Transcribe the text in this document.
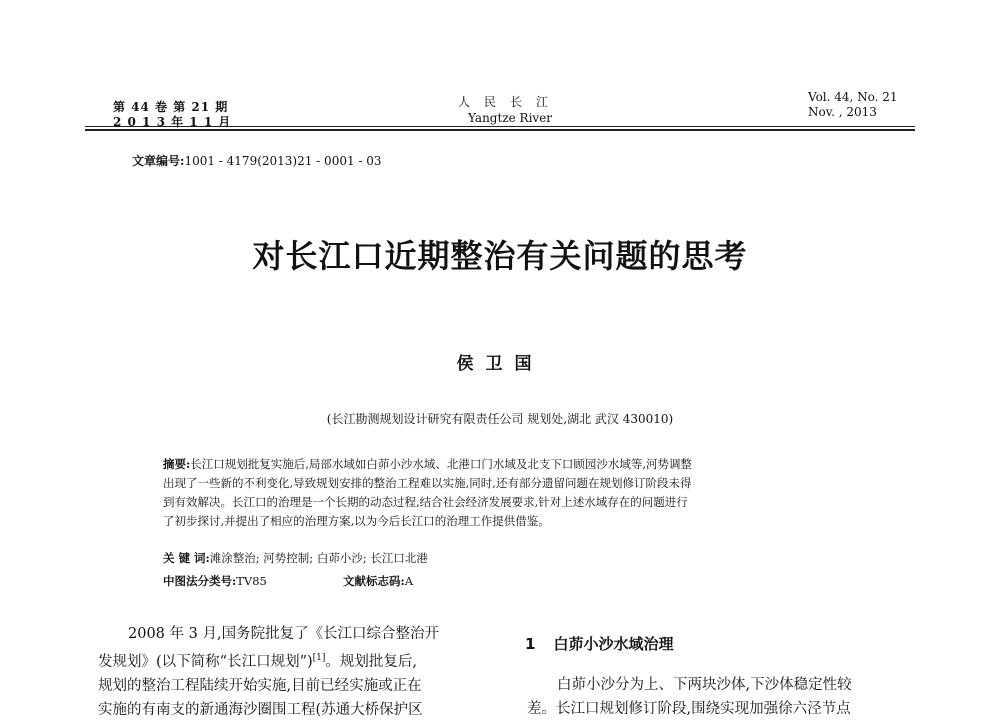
第 44 卷 第 21 期
2 0 1 3 年 1 1 月
人民长江
Yangtze River
Vol. 44, No. 21
Nov. , 2013
文章编号:1001 - 4179(2013)21 - 0001 - 03
对长江口近期整治有关问题的思考
侯卫国
(长江勘测规划设计研究有限责任公司 规划处,湖北 武汉 430010)
摘要:长江口规划批复实施后,局部水域如白茆小沙水域、北港口门水域及北支下口顾园沙水域等,河势调整
出现了一些新的不利变化,导致规划安排的整治工程难以实施,同时,还有部分遗留问题在规划修订阶段未得
到有效解决。长江口的治理是一个长期的动态过程,结合社会经济发展要求,针对上述水域存在的问题进行
了初步探讨,并提出了相应的治理方案,以为今后长江口的治理工作提供借鉴。
关 键 词:滩涂整治; 河势控制; 白茆小沙; 长江口北港
中图法分类号:TV85	文献标志码:A
2008 年 3 月,国务院批复了《长江口综合整治开
发规划》(以下简称“长江口规划”)[1]。规划批复后,
规划的整治工程陆续开始实施,目前已经实施或正在
实施的有南支的新通海沙圈围工程(苏通大桥保护区
1 白茆小沙水域治理
白茆小沙分为上、下两块沙体,下沙体稳定性较
差。长江口规划修订阶段,围绕实现加强徐六泾节点
